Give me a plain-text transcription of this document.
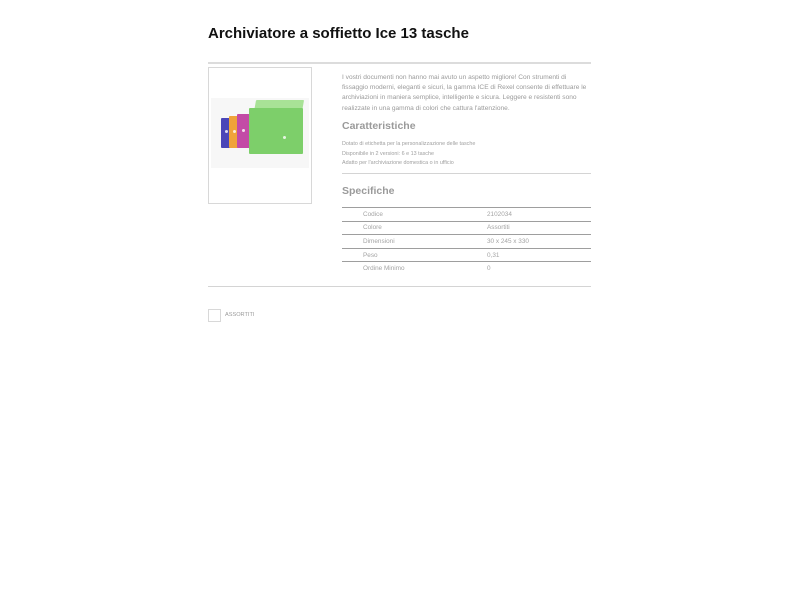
Archiviatore a soffietto Ice 13 tasche

I vostri documenti non hanno mai avuto un aspetto migliore! Con strumenti di fissaggio moderni, eleganti e sicuri, la gamma ICE di Rexel consente di effettuare le archiviazioni in maniera semplice, intelligente e sicura. Leggere e resistenti sono realizzate in una gamma di colori che cattura l'attenzione.

Caratteristiche
Dotato di etichetta per la personalizzazione delle tasche
Disponibile in 2 versioni: 6 e 13 tasche
Adatto per l'archiviazione domestica o in ufficio
Specifiche
Codice	2102034
Colore	Assortiti
Dimensioni	30 x 245 x 330
Peso	0,31
Ordine Minimo	0
ASSORTITI
